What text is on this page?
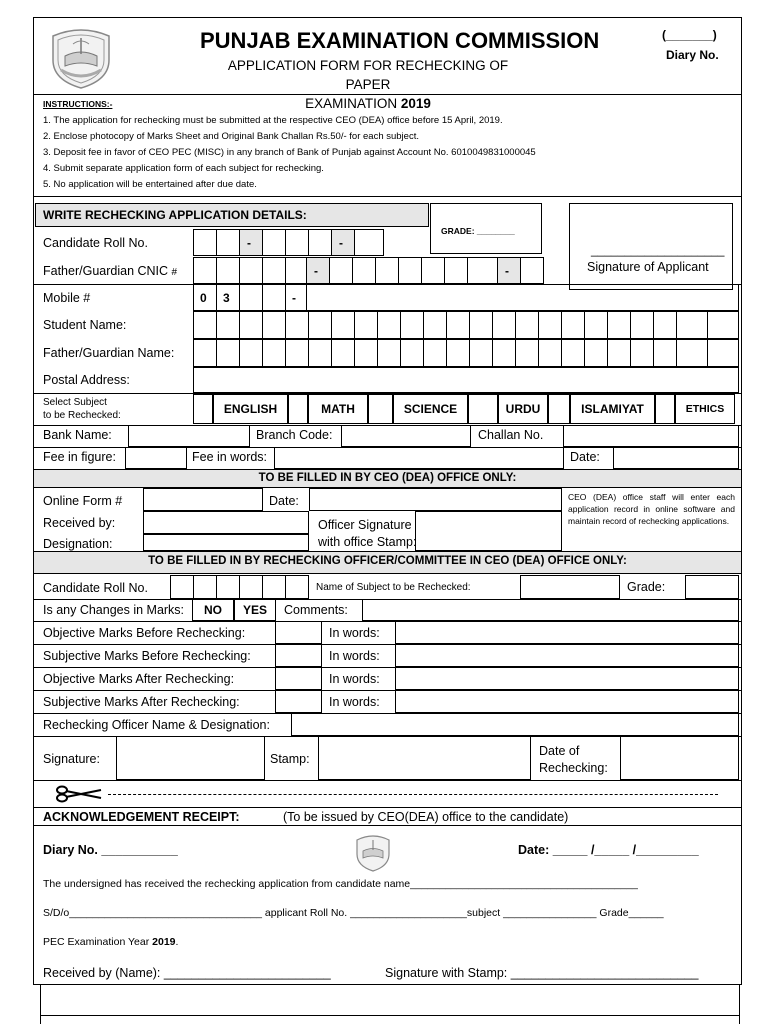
PUNJAB EXAMINATION COMMISSION
APPLICATION FORM FOR RECHECKING OF PAPER
EXAMINATION 2019
(_______)
Diary No.
INSTRUCTIONS:-
1. The application for rechecking must be submitted at the respective CEO (DEA) office before 15 April, 2019.
2. Enclose photocopy of Marks Sheet and Original Bank Challan Rs.50/- for each subject.
3. Deposit fee in favor of CEO PEC (MISC) in any branch of Bank of Punjab against Account No. 6010049831000045
4. Submit separate application form of each subject for rechecking.
5. No application will be entertained after due date.
WRITE RECHECKING APPLICATION DETAILS:
GRADE: ________
____________________
Signature of Applicant
Candidate Roll No.	-	-
Father/Guardian CNIC #	-	-
Mobile #	0 3	-
Student Name:
Father/Guardian Name:
Postal Address:
Select Subject
to be Rechecked:	ENGLISH	MATH	SCIENCE	URDU	ISLAMIYAT	ETHICS
Bank Name:	Branch Code:	Challan No.
Fee in figure:	Fee in words:	Date:
TO BE FILLED IN BY CEO (DEA) OFFICE ONLY:
Online Form #	Date:	CEO (DEA) office staff will enter each application record in online software and maintain record of rechecking applications.
Received by:	Officer Signature
with office Stamp:
Designation:
TO BE FILLED IN BY RECHECKING OFFICER/COMMITTEE IN CEO (DEA) OFFICE ONLY:
Candidate Roll No.	Name of Subject to be Rechecked:	Grade:
Is any Changes in Marks:	NO	YES	Comments:
Objective Marks Before Rechecking:	In words:
Subjective Marks Before Rechecking:	In words:
Objective Marks After Rechecking:	In words:
Subjective Marks After Rechecking:	In words:
Rechecking Officer Name & Designation:
Signature:	Stamp:
Date of
Rechecking:
ACKNOWLEDGEMENT RECEIPT:	(To be issued by CEO(DEA) office to the candidate)
Diary No. ___________	Date: _____ /_____ /_________
The undersigned has received the rechecking application from candidate name_______________________________________
S/D/o_________________________________ applicant Roll No. ____________________subject ________________ Grade______
PEC Examination Year 2019.
Received by (Name): ________________________	Signature with Stamp: ___________________________
